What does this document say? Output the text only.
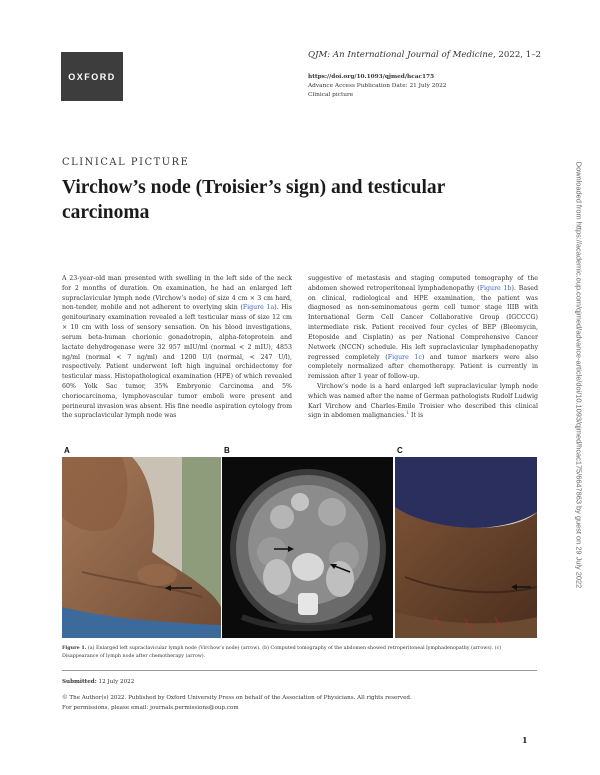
OXFORD
QJM: An International Journal of Medicine, 2022, 1–2
https://doi.org/10.1093/qjmed/hcac175
Advance Access Publication Date: 21 July 2022
Clinical picture
Downloaded from https://academic.oup.com/qjmed/advance-article/doi/10.1093/qjmed/hcac175/6647863 by guest on 29 July 2022
CLINICAL PICTURE
Virchow’s node (Troisier’s sign) and testicular carcinoma

A 23-year-old man presented with swelling in the left side of the neck for 2 months of duration. On examination, he had an enlarged left supraclavicular lymph node (Virchow’s node) of size 4 cm × 3 cm hard, non-tender, mobile and not adherent to overlying skin (Figure 1a). His genitourinary examination revealed a left testicular mass of size 12 cm × 10 cm with loss of sensory sensation. On his blood investigations, serum beta-human chorionic gonadotropin, alpha-fetoprotein and lactate dehydrogenase were 32 957 mIU/ml (normal < 2 mIU), 4853 ng/ml (normal < 7 ng/ml) and 1200 U/l (normal, < 247 U/l), respectively. Patient underwent left high inguinal orchidectomy for testicular mass. Histopathological examination (HPE) of which revealed 60% Yolk Sac tumor, 35% Embryonic Carcinoma and 5% choriocarcinoma, lymphovascular tumor emboli were present and perineural invasion was absent. His fine needle aspiration cytology from the supraclavicular lymph node was

suggestive of metastasis and staging computed tomography of the abdomen showed retroperitoneal lymphadenopathy (Figure 1b). Based on clinical, radiological and HPE examination, the patient was diagnosed as non-seminomatous germ cell tumor stage IIIB with International Germ Cell Cancer Collaborative Group (IGCCCG) intermediate risk. Patient received four cycles of BEP (Bleomycin, Etoposide and Cisplatin) as per National Comprehensive Cancer Network (NCCN) schedule. His left supraclavicular lymphadenopathy regressed completely (Figure 1c) and tumor markers were also completely normalized after chemotherapy. Patient is currently in remission after 1 year of follow-up.

Virchow’s node is a hard enlarged left supraclavicular lymph node which was named after the name of German pathologists Rudolf Ludwig Karl Virchow and Charles-Emile Troisier who described this clinical sign in abdomen malignancies.$^1$ It is

A	B	C
Figure 1. (a) Enlarged left supraclavicular lymph node (Virchow’s node) (arrow). (b) Computed tomography of the abdomen showed retroperitoneal lymphadenopathy (arrows). (c) Disappearance of lymph node after chemotherapy (arrow).
Submitted: 12 July 2022
© The Author(s) 2022. Published by Oxford University Press on behalf of the Association of Physicians. All rights reserved.
For permissions, please email: journals.permissions@oup.com
1
